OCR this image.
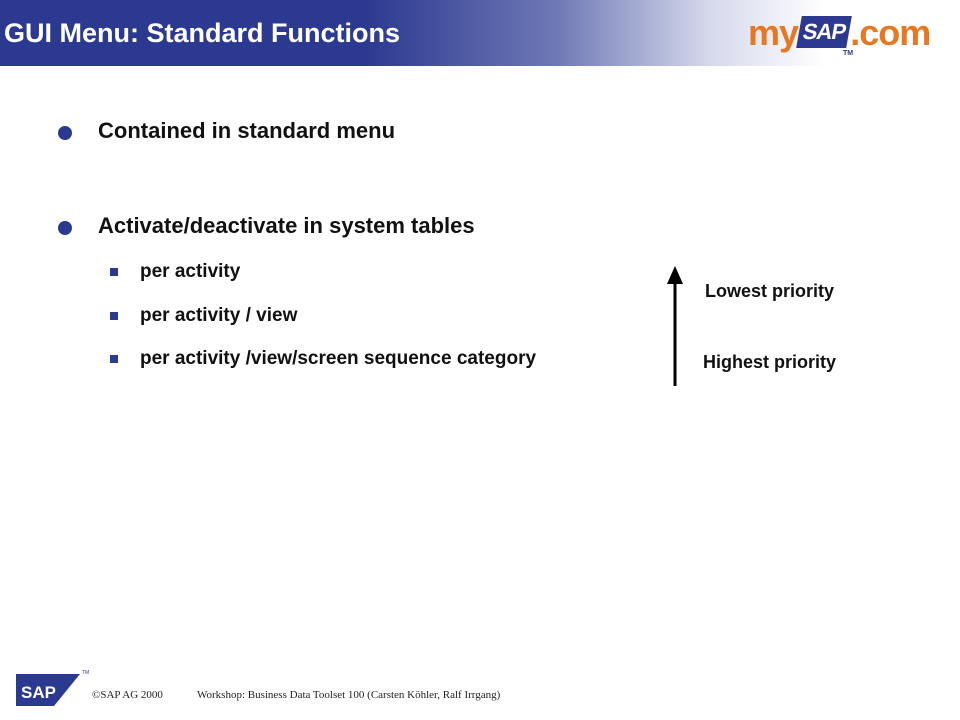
GUI Menu: Standard Functions	my SAP.com
TM
Contained in standard menu
Activate/deactivate in system tables
per activity
per activity / view
per activity /view/screen sequence category
Lowest priority
Highest priority
SAP
TM
©SAP AG 2000	Workshop: Business Data Toolset 100 (Carsten Köhler, Ralf Irrgang)
